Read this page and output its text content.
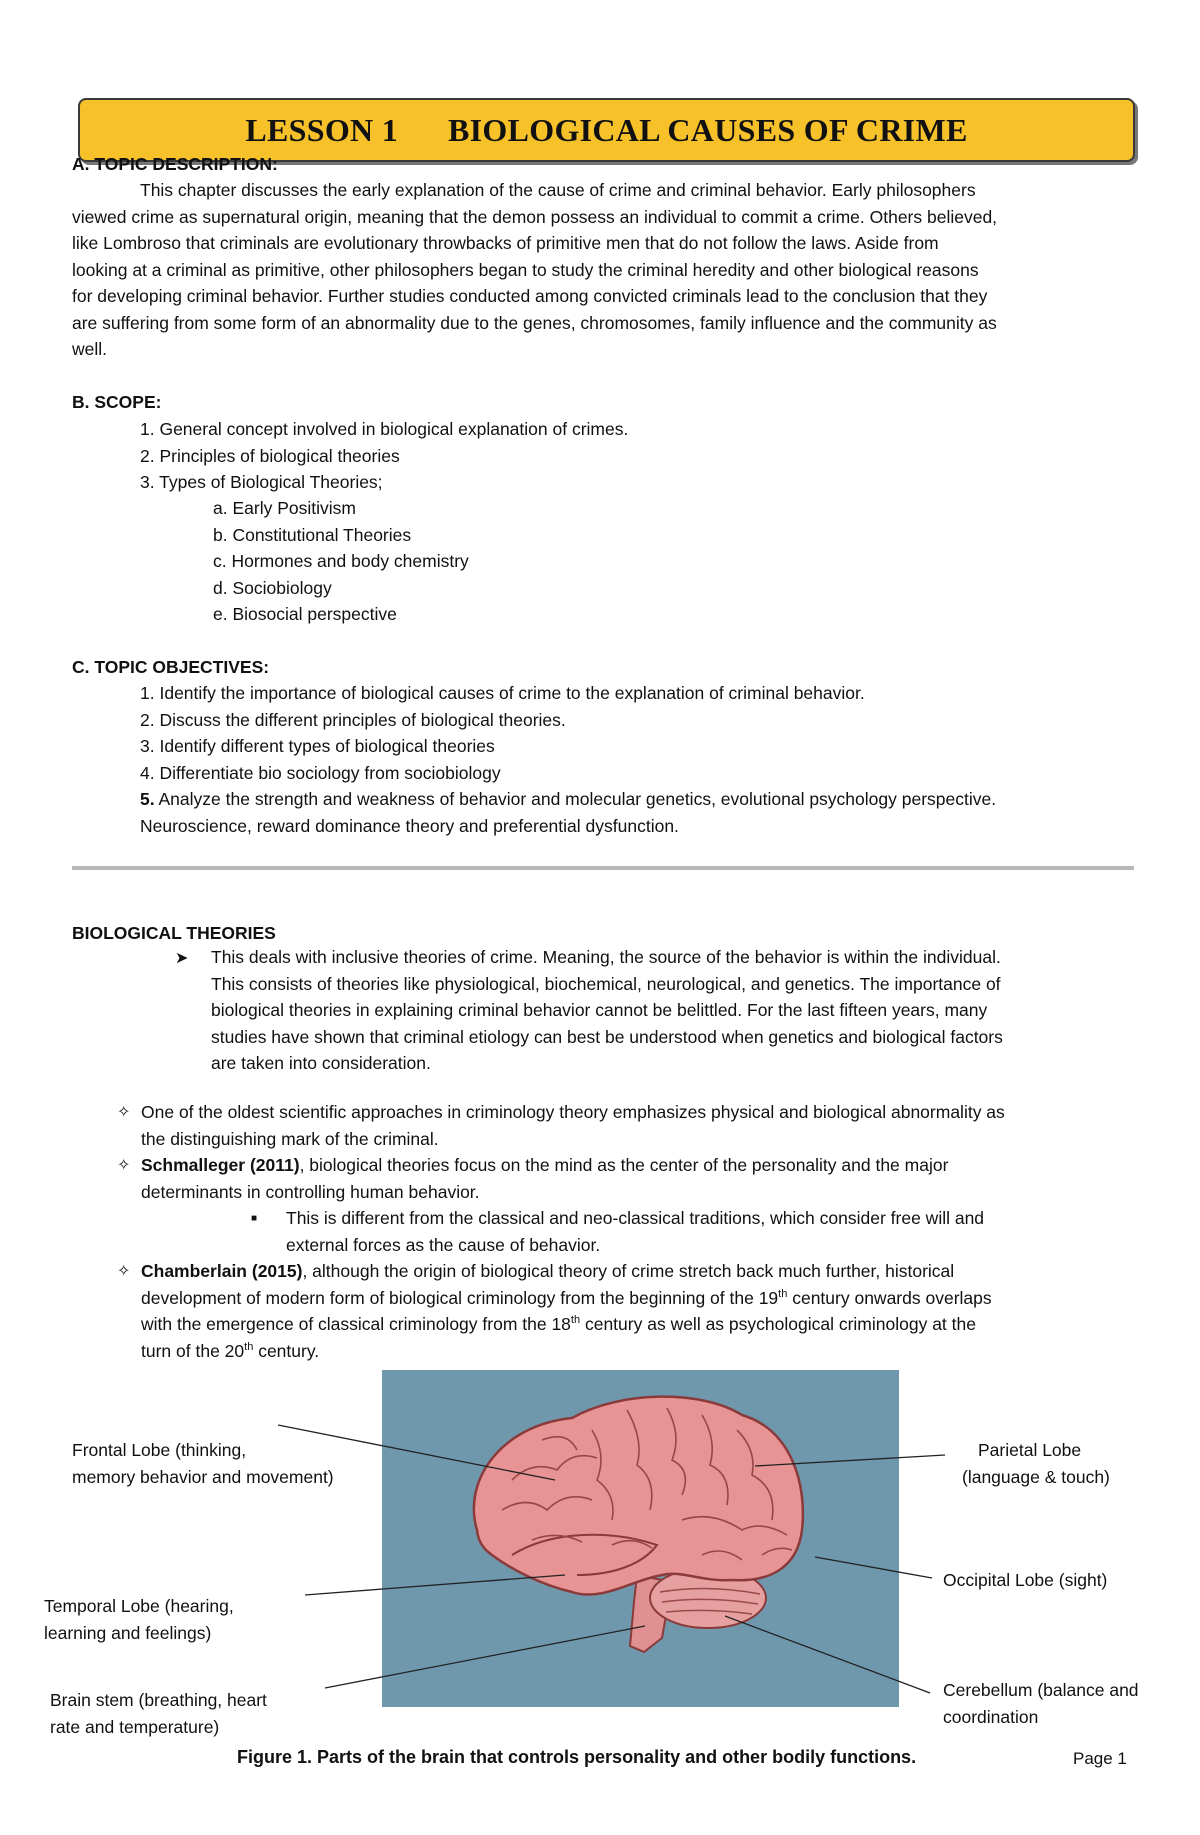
LESSON 1 BIOLOGICAL CAUSES OF CRIME
A. TOPIC DESCRIPTION:
This chapter discusses the early explanation of the cause of crime and criminal behavior. Early philosophers
viewed crime as supernatural origin, meaning that the demon possess an individual to commit a crime. Others believed,
like Lombroso that criminals are evolutionary throwbacks of primitive men that do not follow the laws. Aside from
looking at a criminal as primitive, other philosophers began to study the criminal heredity and other biological reasons
for developing criminal behavior. Further studies conducted among convicted criminals lead to the conclusion that they
are suffering from some form of an abnormality due to the genes, chromosomes, family influence and the community as
well.
B. SCOPE:
1. General concept involved in biological explanation of crimes.
2. Principles of biological theories
3. Types of Biological Theories;
a. Early Positivism
b. Constitutional Theories
c. Hormones and body chemistry
d. Sociobiology
e. Biosocial perspective
C. TOPIC OBJECTIVES:
1. Identify the importance of biological causes of crime to the explanation of criminal behavior.
2. Discuss the different principles of biological theories.
3. Identify different types of biological theories
4. Differentiate bio sociology from sociobiology
5. Analyze the strength and weakness of behavior and molecular genetics, evolutional psychology perspective.
Neuroscience, reward dominance theory and preferential dysfunction.
BIOLOGICAL THEORIES
➤ This deals with inclusive theories of crime. Meaning, the source of the behavior is within the individual.
This consists of theories like physiological, biochemical, neurological, and genetics. The importance of
biological theories in explaining criminal behavior cannot be belittled. For the last fifteen years, many
studies have shown that criminal etiology can best be understood when genetics and biological factors
are taken into consideration.
✧ One of the oldest scientific approaches in criminology theory emphasizes physical and biological abnormality as
the distinguishing mark of the criminal.
✧ Schmalleger (2011), biological theories focus on the mind as the center of the personality and the major
determinants in controlling human behavior.
■ This is different from the classical and neo-classical traditions, which consider free will and
external forces as the cause of behavior.
✧ Chamberlain (2015), although the origin of biological theory of crime stretch back much further, historical
development of modern form of biological criminology from the beginning of the 19th century onwards overlaps
with the emergence of classical criminology from the 18th century as well as psychological criminology at the
turn of the 20th century.
Frontal Lobe (thinking,
memory behavior and movement)
Parietal Lobe
(language & touch)
Occipital Lobe (sight)
Temporal Lobe (hearing,
learning and feelings)
Cerebellum (balance and
coordination
Brain stem (breathing, heart
rate and temperature)
Figure 1. Parts of the brain that controls personality and other bodily functions.	Page 1
